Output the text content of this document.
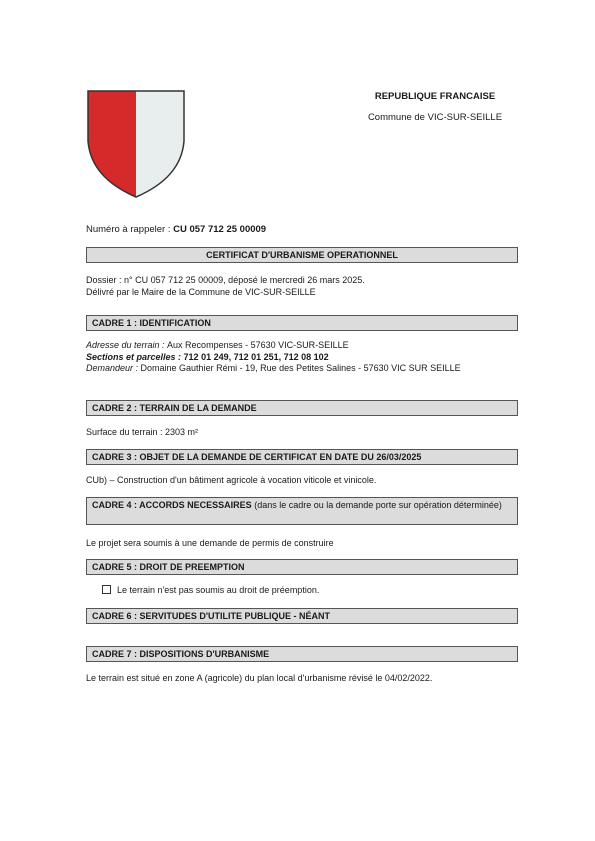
REPUBLIQUE FRANCAISE
Commune de VIC-SUR-SEILLE
Numéro à rappeler : CU 057 712 25 00009
CERTIFICAT D'URBANISME OPERATIONNEL
Dossier : n° CU 057 712 25 00009, déposé le mercredi 26 mars 2025.
Délivré par le Maire de la Commune de VIC-SUR-SEILLE
CADRE 1 : IDENTIFICATION
Adresse du terrain : Aux Recompenses - 57630 VIC-SUR-SEILLE
Sections et parcelles : 712 01 249, 712 01 251, 712 08 102
Demandeur : Domaine Gauthier Rémi - 19, Rue des Petites Salines - 57630 VIC SUR SEILLE
CADRE 2 : TERRAIN DE LA DEMANDE
Surface du terrain : 2303 m²
CADRE 3 : OBJET DE LA DEMANDE DE CERTIFICAT EN DATE DU 26/03/2025
CUb) – Construction d'un bâtiment agricole à vocation viticole et vinicole.
CADRE 4 : ACCORDS NECESSAIRES (dans le cadre ou la demande porte sur opération déterminée)
Le projet sera soumis à une demande de permis de construire
CADRE 5 : DROIT DE PREEMPTION
Le terrain n'est pas soumis au droit de préemption.
CADRE 6 : SERVITUDES D'UTILITE PUBLIQUE - NÉANT
CADRE 7 : DISPOSITIONS D'URBANISME
Le terrain est situé en zone A (agricole) du plan local d'urbanisme révisé le 04/02/2022.
